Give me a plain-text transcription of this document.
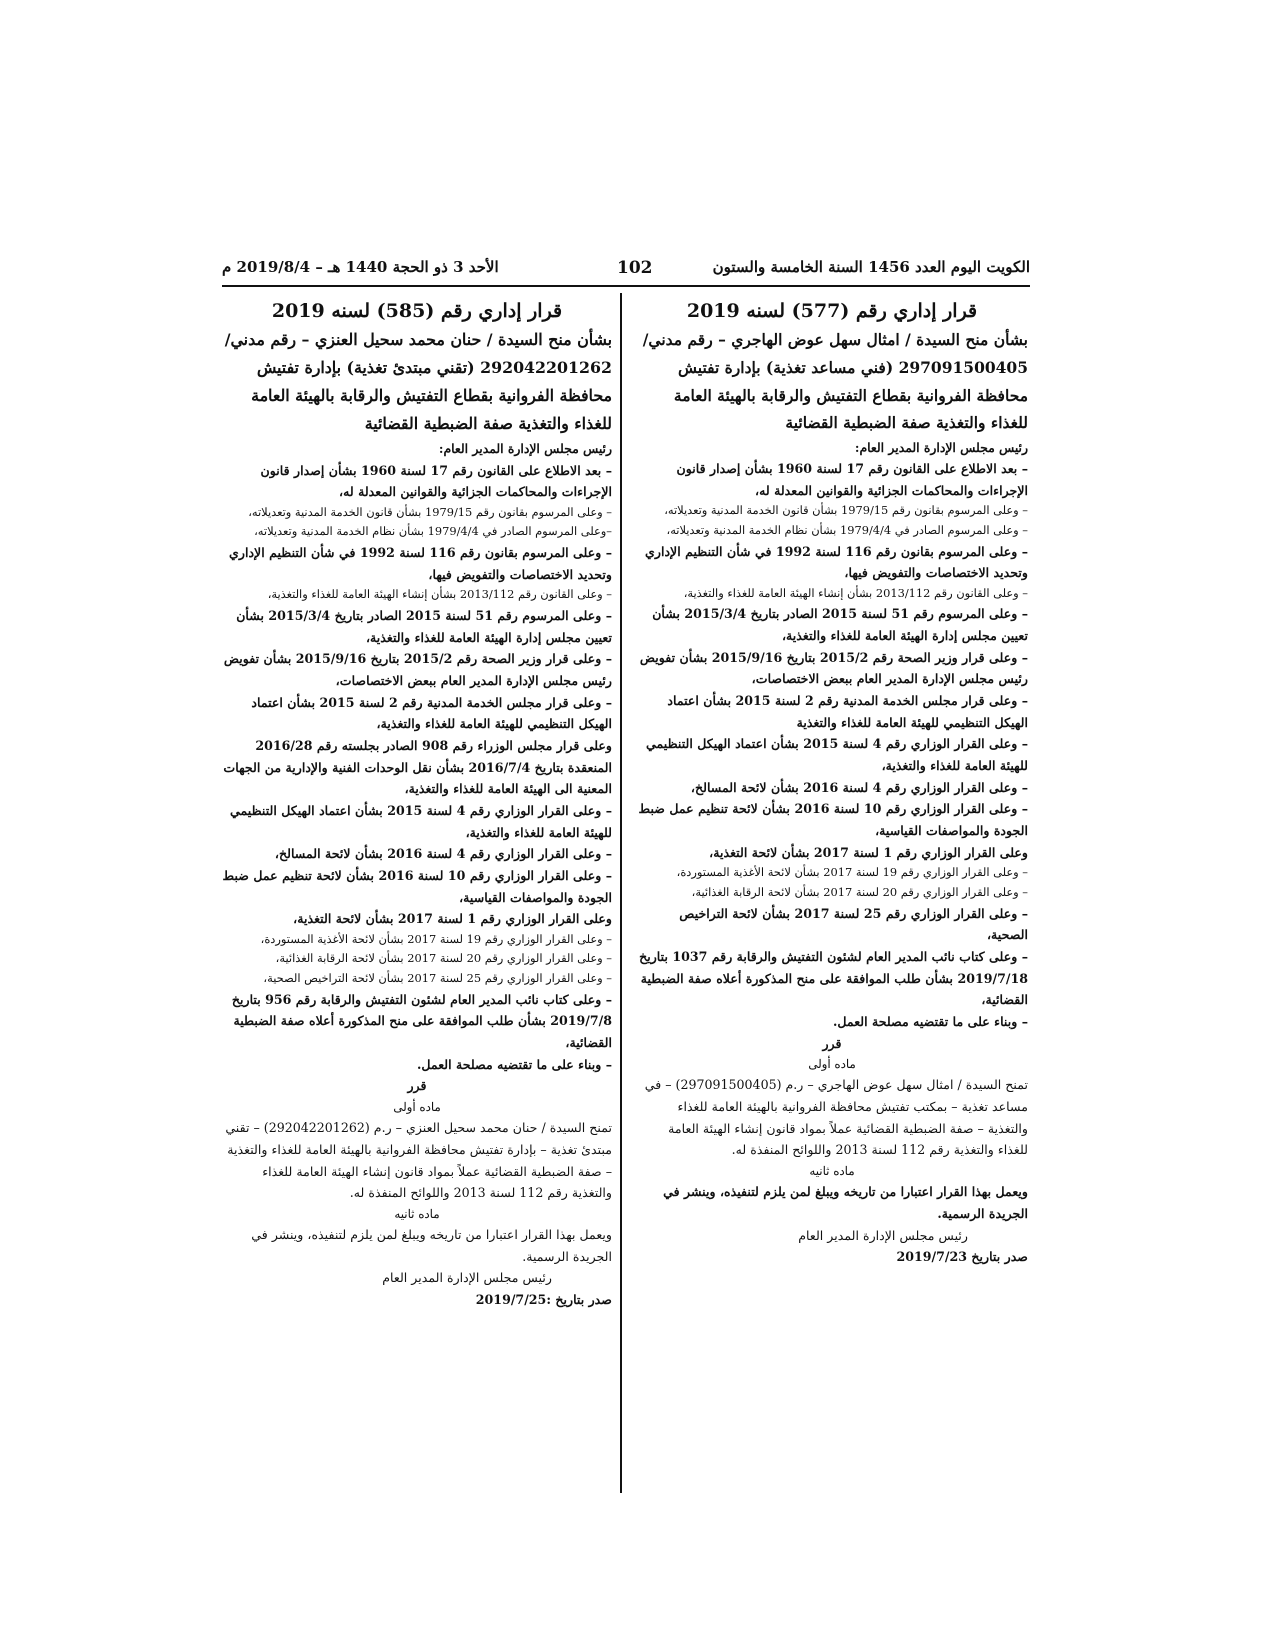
الأحد 3 ذو الحجة 1440 هـ – 2019/8/4 م	102	الكويت اليوم العدد 1456 السنة الخامسة والستون

قرار إداري رقم (577) لسنه 2019

بشأن منح السيدة / امثال سهل عوض الهاجري – رقم مدني/ 297091500405 (فني مساعد تغذية) بإدارة تفتيش محافظة الفروانية بقطاع التفتيش والرقابة بالهيئة العامة للغذاء والتغذية صفة الضبطية القضائية

رئيس مجلس الإدارة المدير العام:

– بعد الاطلاع على القانون رقم 17 لسنة 1960 بشأن إصدار قانون الإجراءات والمحاكمات الجزائية والقوانين المعدلة له،

– وعلى المرسوم بقانون رقم 1979/15 بشأن قانون الخدمة المدنية وتعديلاته،

– وعلى المرسوم الصادر في 1979/4/4 بشأن نظام الخدمة المدنية وتعديلاته،

– وعلى المرسوم بقانون رقم 116 لسنة 1992 في شأن التنظيم الإداري وتحديد الاختصاصات والتفويض فيها،

– وعلى القانون رقم 2013/112 بشأن إنشاء الهيئة العامة للغذاء والتغذية،

– وعلى المرسوم رقم 51 لسنة 2015 الصادر بتاريخ 2015/3/4 بشأن تعيين مجلس إدارة الهيئة العامة للغذاء والتغذية،

– وعلى قرار وزير الصحة رقم 2015/2 بتاريخ 2015/9/16 بشأن تفويض رئيس مجلس الإدارة المدير العام ببعض الاختصاصات،

– وعلى قرار مجلس الخدمة المدنية رقم 2 لسنة 2015 بشأن اعتماد الهيكل التنظيمي للهيئة العامة للغذاء والتغذية

– وعلى القرار الوزاري رقم 4 لسنة 2015 بشأن اعتماد الهيكل التنظيمي للهيئة العامة للغذاء والتغذية،

– وعلى القرار الوزاري رقم 4 لسنة 2016 بشأن لائحة المسالخ،

– وعلى القرار الوزاري رقم 10 لسنة 2016 بشأن لائحة تنظيم عمل ضبط الجودة والمواصفات القياسية،

وعلى القرار الوزاري رقم 1 لسنة 2017 بشأن لائحة التغذية،

– وعلى القرار الوزاري رقم 19 لسنة 2017 بشأن لائحة الأغذية المستوردة،

– وعلى القرار الوزاري رقم 20 لسنة 2017 بشأن لائحة الرقابة الغذائية،

– وعلى القرار الوزاري رقم 25 لسنة 2017 بشأن لائحة التراخيص الصحية،

– وعلى كتاب نائب المدير العام لشئون التفتيش والرقابة رقم 1037 بتاريخ 2019/7/18 بشأن طلب الموافقة على منح المذكورة أعلاه صفة الضبطية القضائية،

– وبناء على ما تقتضيه مصلحة العمل.

قرر

ماده أولى

تمنح السيدة / امثال سهل عوض الهاجري – ر.م (297091500405) – في مساعد تغذية – بمكتب تفتيش محافظة الفروانية بالهيئة العامة للغذاء والتغذية – صفة الضبطية القضائية عملاً بمواد قانون إنشاء الهيئة العامة للغذاء والتغذية رقم 112 لسنة 2013 واللوائح المنفذة له.

ماده ثانيه

ويعمل بهذا القرار اعتبارا من تاريخه ويبلغ لمن يلزم لتنفيذه، وينشر في الجريدة الرسمية.

رئيس مجلس الإدارة المدير العام

صدر بتاريخ 2019/7/23

قرار إداري رقم (585) لسنه 2019

بشأن منح السيدة / حنان محمد سحيل العنزي – رقم مدني/ 292042201262 (تقني مبتدئ تغذية) بإدارة تفتيش محافظة الفروانية بقطاع التفتيش والرقابة بالهيئة العامة للغذاء والتغذية صفة الضبطية القضائية

رئيس مجلس الإدارة المدير العام:

– بعد الاطلاع على القانون رقم 17 لسنة 1960 بشأن إصدار قانون الإجراءات والمحاكمات الجزائية والقوانين المعدلة له،

– وعلى المرسوم بقانون رقم 1979/15 بشأن قانون الخدمة المدنية وتعديلاته،

–وعلى المرسوم الصادر في 1979/4/4 بشأن نظام الخدمة المدنية وتعديلاته،

– وعلى المرسوم بقانون رقم 116 لسنة 1992 في شأن التنظيم الإداري وتحديد الاختصاصات والتفويض فيها،

– وعلى القانون رقم 2013/112 بشأن إنشاء الهيئة العامة للغذاء والتغذية،

– وعلى المرسوم رقم 51 لسنة 2015 الصادر بتاريخ 2015/3/4 بشأن تعيين مجلس إدارة الهيئة العامة للغذاء والتغذية،

– وعلى قرار وزير الصحة رقم 2015/2 بتاريخ 2015/9/16 بشأن تفويض رئيس مجلس الإدارة المدير العام ببعض الاختصاصات،

– وعلى قرار مجلس الخدمة المدنية رقم 2 لسنة 2015 بشأن اعتماد الهيكل التنظيمي للهيئة العامة للغذاء والتغذية،

وعلى قرار مجلس الوزراء رقم 908 الصادر بجلسته رقم 2016/28 المنعقدة بتاريخ 2016/7/4 بشأن نقل الوحدات الفنية والإدارية من الجهات المعنية الى الهيئة العامة للغذاء والتغذية،

– وعلى القرار الوزاري رقم 4 لسنة 2015 بشأن اعتماد الهيكل التنظيمي للهيئة العامة للغذاء والتغذية،

– وعلى القرار الوزاري رقم 4 لسنة 2016 بشأن لائحة المسالخ،

– وعلى القرار الوزاري رقم 10 لسنة 2016 بشأن لائحة تنظيم عمل ضبط الجودة والمواصفات القياسية،

وعلى القرار الوزاري رقم 1 لسنة 2017 بشأن لائحة التغذية،

– وعلى القرار الوزاري رقم 19 لسنة 2017 بشأن لائحة الأغذية المستوردة،

– وعلى القرار الوزاري رقم 20 لسنة 2017 بشأن لائحة الرقابة الغذائية،

– وعلى القرار الوزاري رقم 25 لسنة 2017 بشأن لائحة التراخيص الصحية،

– وعلى كتاب نائب المدير العام لشئون التفتيش والرقابة رقم 956 بتاريخ 2019/7/8 بشأن طلب الموافقة على منح المذكورة أعلاه صفة الضبطية القضائية،

– وبناء على ما تقتضيه مصلحة العمل.

قرر

ماده أولى

تمنح السيدة / حنان محمد سحيل العنزي – ر.م (292042201262) – تقني مبتدئ تغذية – بإدارة تفتيش محافظة الفروانية بالهيئة العامة للغذاء والتغذية – صفة الضبطية القضائية عملاً بمواد قانون إنشاء الهيئة العامة للغذاء والتغذية رقم 112 لسنة 2013 واللوائح المنفذة له.

ماده ثانيه

ويعمل بهذا القرار اعتبارا من تاريخه ويبلغ لمن يلزم لتنفيذه، وينشر في الجريدة الرسمية.

رئيس مجلس الإدارة المدير العام

صدر بتاريخ :2019/7/25
